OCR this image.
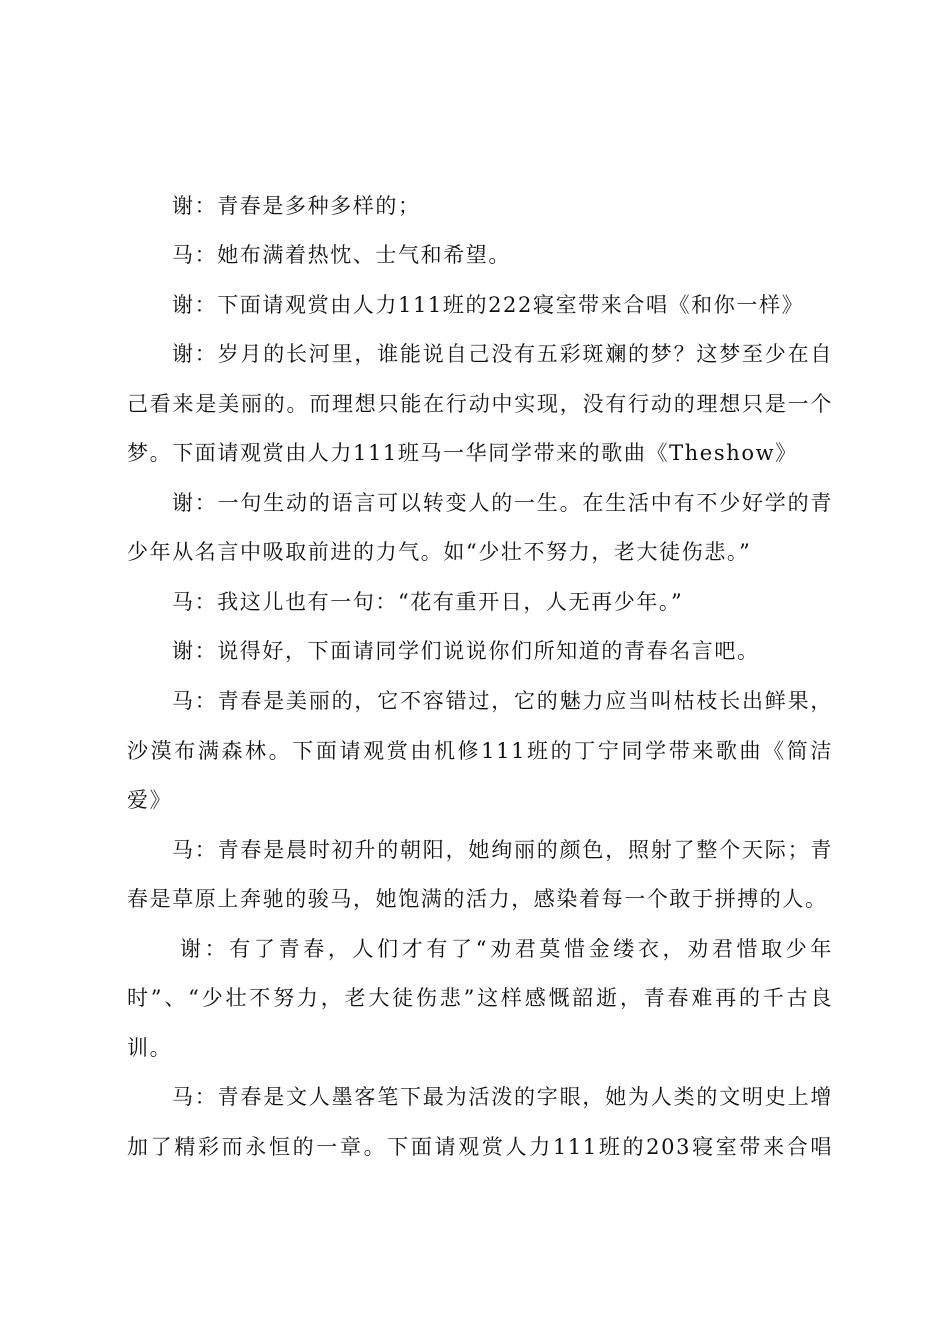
谢：青春是多种多样的；
马：她布满着热忱、士气和希望。
谢：下面请观赏由人力111班的222寝室带来合唱《和你一样》
谢：岁月的长河里，谁能说自己没有五彩斑斓的梦？这梦至少在自
己看来是美丽的。而理想只能在行动中实现，没有行动的理想只是一个
梦。下面请观赏由人力111班马一华同学带来的歌曲《Theshow》
谢：一句生动的语言可以转变人的一生。在生活中有不少好学的青
少年从名言中吸取前进的力气。如“少壮不努力，老大徒伤悲。”
马：我这儿也有一句：“花有重开日，人无再少年。”
谢：说得好，下面请同学们说说你们所知道的青春名言吧。
马：青春是美丽的，它不容错过，它的魅力应当叫枯枝长出鲜果，
沙漠布满森林。下面请观赏由机修111班的丁宁同学带来歌曲《简洁
爱》
马：青春是晨时初升的朝阳，她绚丽的颜色，照射了整个天际；青
春是草原上奔驰的骏马，她饱满的活力，感染着每一个敢于拼搏的人。
谢：有了青春，人们才有了“劝君莫惜金缕衣，劝君惜取少年
时”、“少壮不努力，老大徒伤悲”这样感慨韶逝，青春难再的千古良
训。
马：青春是文人墨客笔下最为活泼的字眼，她为人类的文明史上增
加了精彩而永恒的一章。下面请观赏人力111班的203寝室带来合唱
